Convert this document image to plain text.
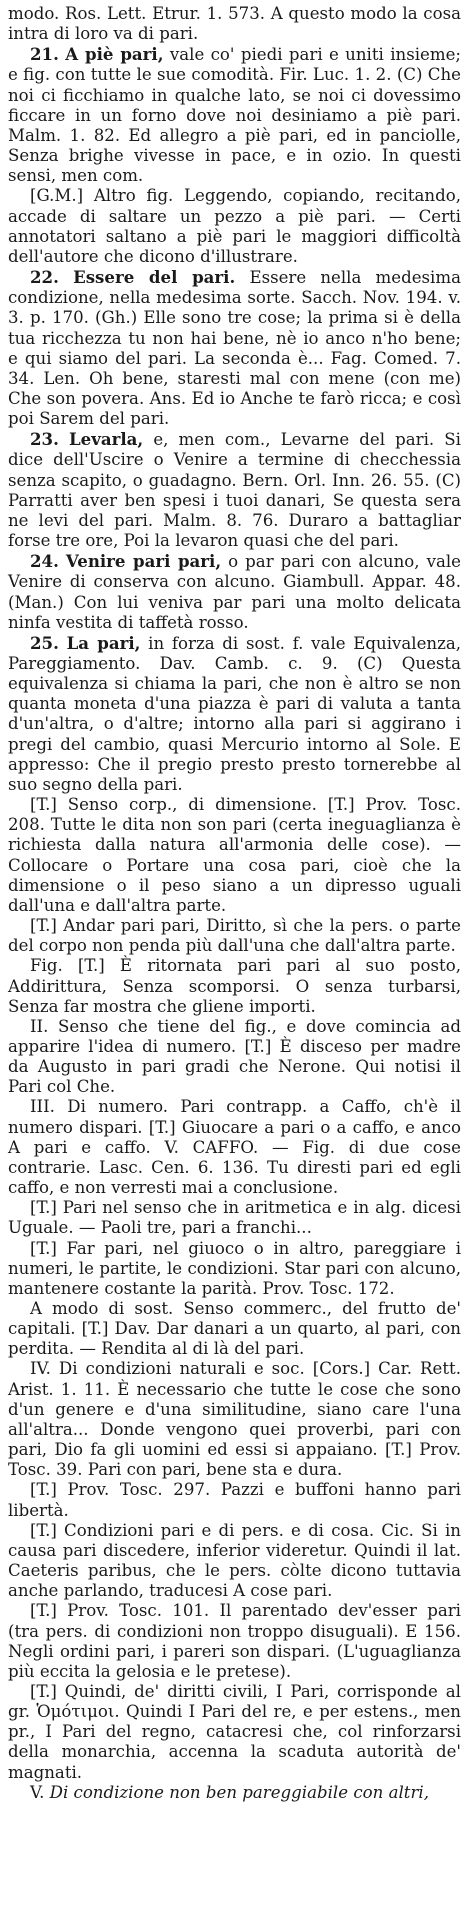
modo. Ros. Lett. Etrur. 1. 573. A questo modo la cosa intra di loro va di pari.

21. A piè pari, vale co' piedi pari e uniti insieme; e fig. con tutte le sue comodità. Fir. Luc. 1. 2. (C) Che noi ci ficchiamo in qualche lato, se noi ci dovessimo ficcare in un forno dove noi desiniamo a piè pari. Malm. 1. 82. Ed allegro a piè pari, ed in panciolle, Senza brighe vivesse in pace, e in ozio. In questi sensi, men com.

[G.M.] Altro fig. Leggendo, copiando, recitando, accade di saltare un pezzo a piè pari. — Certi annotatori saltano a piè pari le maggiori difficoltà dell'autore che dicono d'illustrare.

22. Essere del pari. Essere nella medesima condizione, nella medesima sorte. Sacch. Nov. 194. v. 3. p. 170. (Gh.) Elle sono tre cose; la prima si è della tua ricchezza tu non hai bene, nè io anco n'ho bene; e qui siamo del pari. La seconda è... Fag. Comed. 7. 34. Len. Oh bene, staresti mal con mene (con me) Che son povera. Ans. Ed io Anche te farò ricca; e così poi Sarem del pari.

23. Levarla, e, men com., Levarne del pari. Si dice dell'Uscire o Venire a termine di checchessia senza scapito, o guadagno. Bern. Orl. Inn. 26. 55. (C) Parratti aver ben spesi i tuoi danari, Se questa sera ne levi del pari. Malm. 8. 76. Duraro a battagliar forse tre ore, Poi la levaron quasi che del pari.

24. Venire pari pari, o par pari con alcuno, vale Venire di conserva con alcuno. Giambull. Appar. 48. (Man.) Con lui veniva par pari una molto delicata ninfa vestita di taffetà rosso.

25. La pari, in forza di sost. f. vale Equivalenza, Pareggiamento. Dav. Camb. c. 9. (C) Questa equivalenza si chiama la pari, che non è altro se non quanta moneta d'una piazza è pari di valuta a tanta d'un'altra, o d'altre; intorno alla pari si aggirano i pregi del cambio, quasi Mercurio intorno al Sole. E appresso: Che il pregio presto presto tornerebbe al suo segno della pari.

[T.] Senso corp., di dimensione. [T.] Prov. Tosc. 208. Tutte le dita non son pari (certa ineguaglianza è richiesta dalla natura all'armonia delle cose). — Collocare o Portare una cosa pari, cioè che la dimensione o il peso siano a un dipresso uguali dall'una e dall'altra parte.

[T.] Andar pari pari, Diritto, sì che la pers. o parte del corpo non penda più dall'una che dall'altra parte.

Fig. [T.] È ritornata pari pari al suo posto, Addirittura, Senza scomporsi. O senza turbarsi, Senza far mostra che gliene importi.

II. Senso che tiene del fig., e dove comincia ad apparire l'idea di numero. [T.] È disceso per madre da Augusto in pari gradi che Nerone. Qui notisi il Pari col Che.

III. Di numero. Pari contrapp. a Caffo, ch'è il numero dispari. [T.] Giuocare a pari o a caffo, e anco A pari e caffo. V. CAFFO. — Fig. di due cose contrarie. Lasc. Cen. 6. 136. Tu diresti pari ed egli caffo, e non verresti mai a conclusione.

[T.] Pari nel senso che in aritmetica e in alg. dicesi Uguale. — Paoli tre, pari a franchi...

[T.] Far pari, nel giuoco o in altro, pareggiare i numeri, le partite, le condizioni. Star pari con alcuno, mantenere costante la parità. Prov. Tosc. 172.

A modo di sost. Senso commerc., del frutto de' capitali. [T.] Dav. Dar danari a un quarto, al pari, con perdita. — Rendita al di là del pari.

IV. Di condizioni naturali e soc. [Cors.] Car. Rett. Arist. 1. 11. È necessario che tutte le cose che sono d'un genere e d'una similitudine, siano care l'una all'altra... Donde vengono quei proverbi, pari con pari, Dio fa gli uomini ed essi si appaiano. [T.] Prov. Tosc. 39. Pari con pari, bene sta e dura.

[T.] Prov. Tosc. 297. Pazzi e buffoni hanno pari libertà.

[T.] Condizioni pari e di pers. e di cosa. Cic. Si in causa pari discedere, inferior videretur. Quindi il lat. Caeteris paribus, che le pers. còlte dicono tuttavia anche parlando, traducesi A cose pari.

[T.] Prov. Tosc. 101. Il parentado dev'esser pari (tra pers. di condizioni non troppo disuguali). E 156. Negli ordini pari, i pareri son dispari. (L'uguaglianza più eccita la gelosia e le pretese).

[T.] Quindi, de' diritti civili, I Pari, corrisponde al gr. Ὁμότιμοι. Quindi I Pari del re, e per estens., men pr., I Pari del regno, catacresi che, col rinforzarsi della monarchia, accenna la scaduta autorità de' magnati.

V. Di condizione non ben pareggiabile con altri,
